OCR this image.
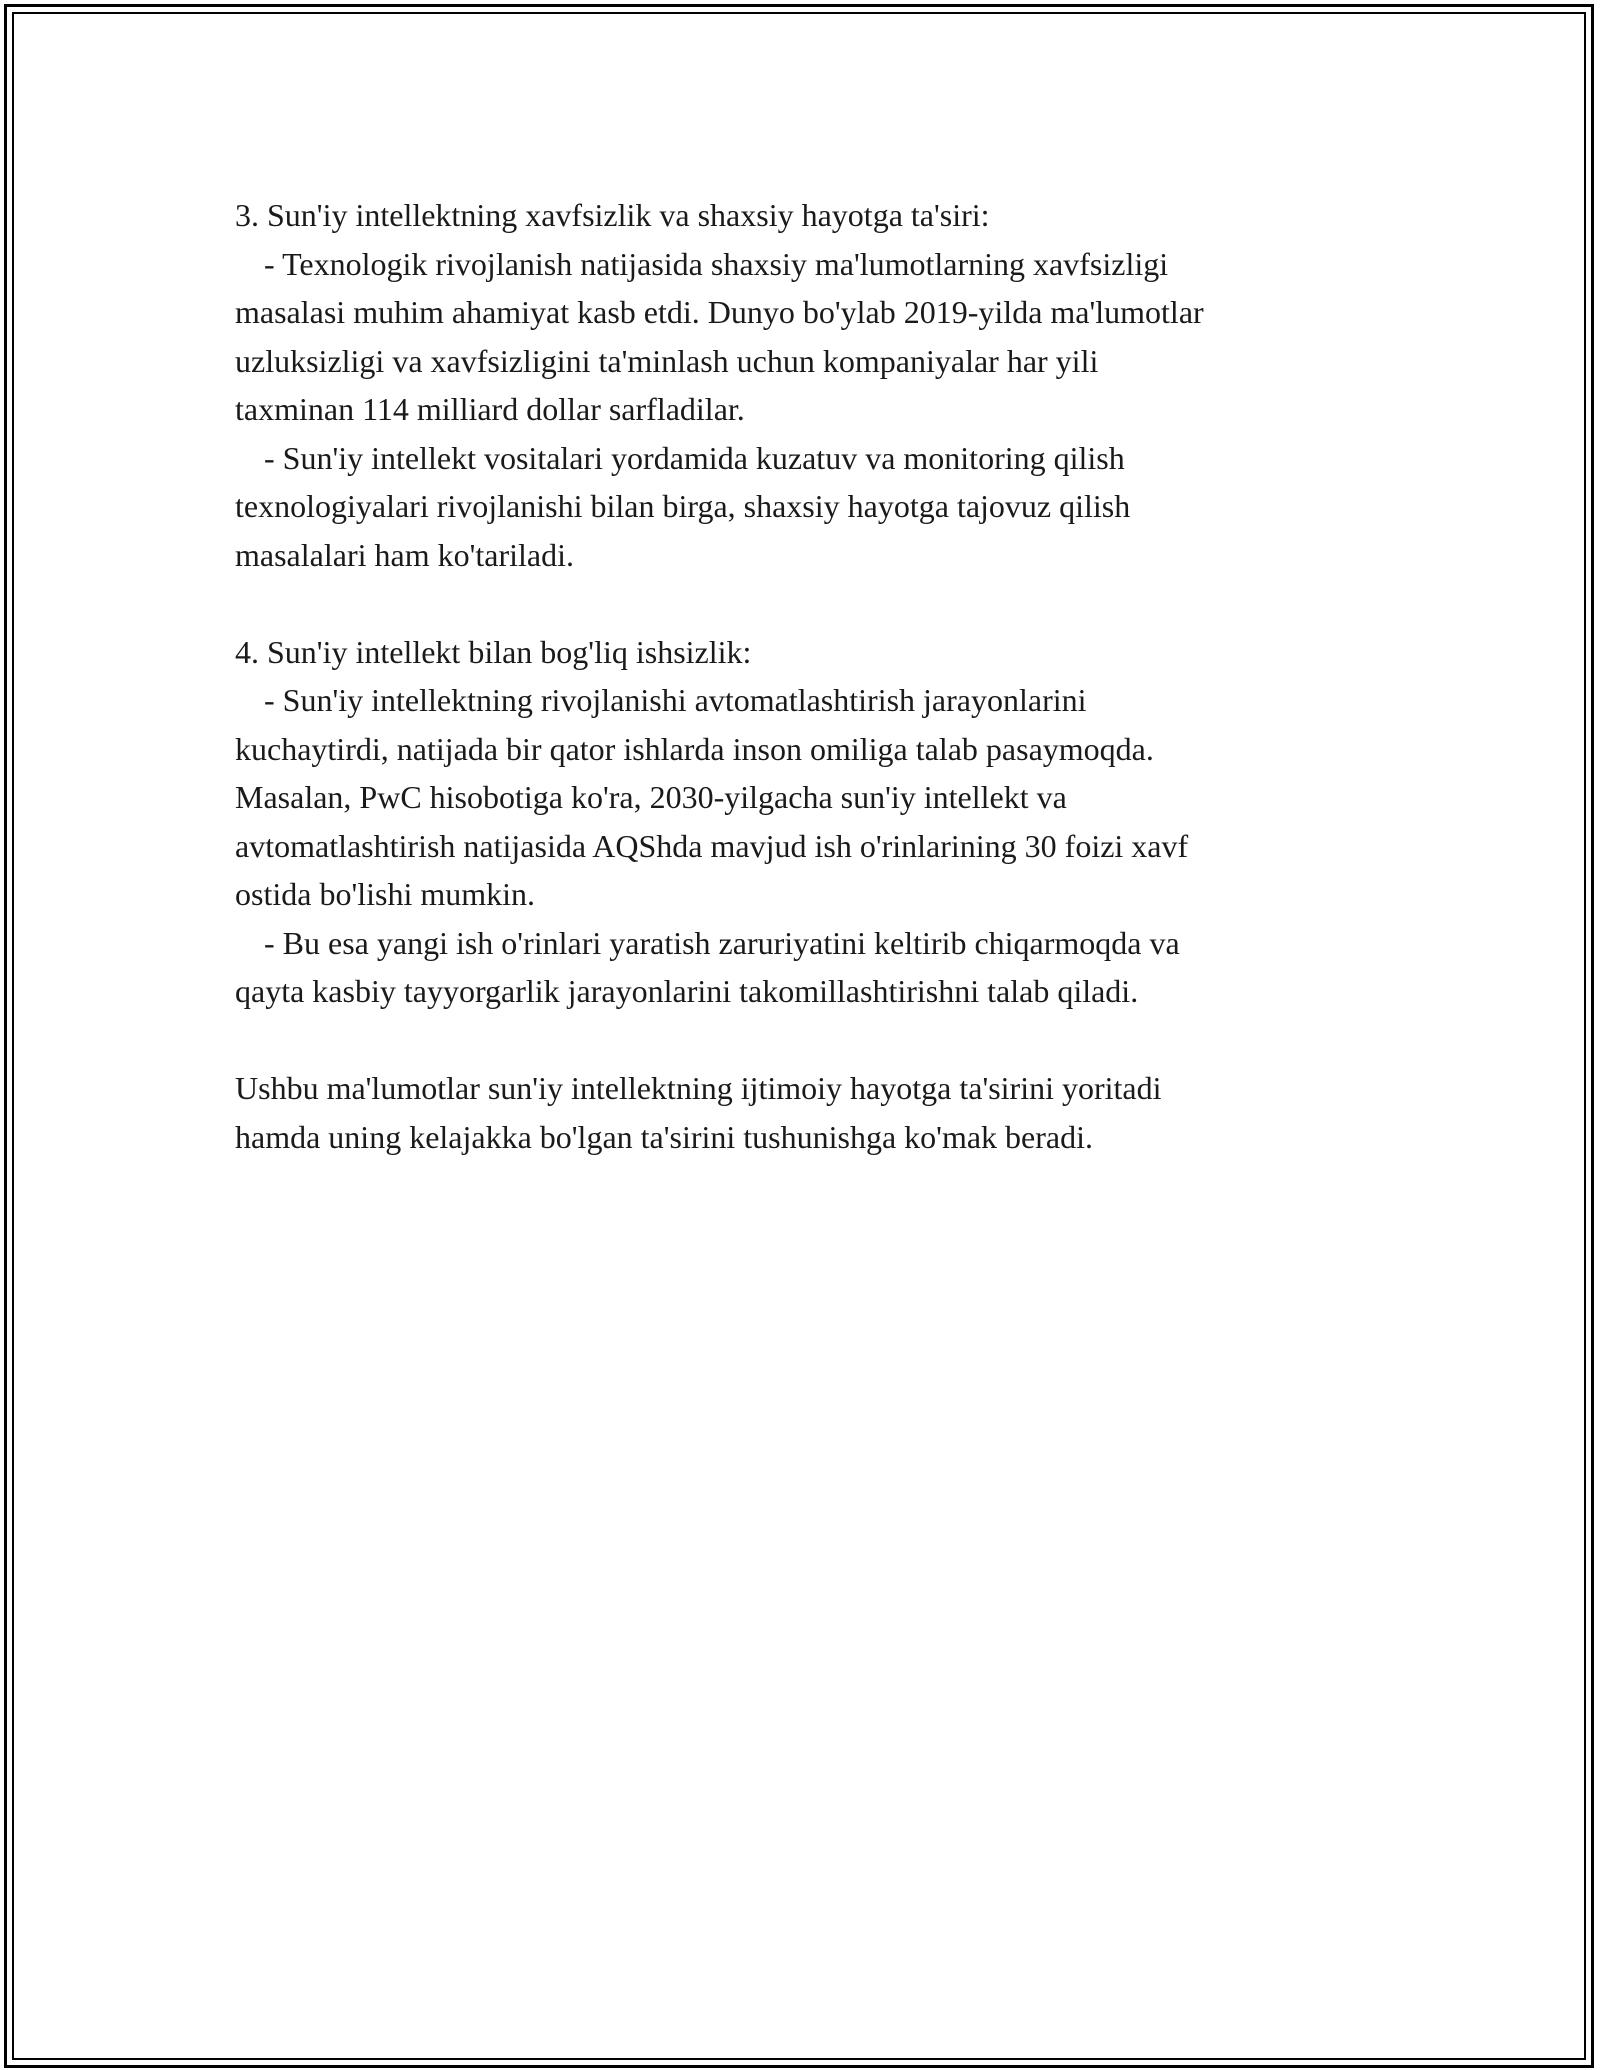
3. Sun'iy intellektning xavfsizlik va shaxsiy hayotga ta'siri:

- Texnologik rivojlanish natijasida shaxsiy ma'lumotlarning xavfsizligi

masalasi muhim ahamiyat kasb etdi. Dunyo bo'ylab 2019-yilda ma'lumotlar

uzluksizligi va xavfsizligini ta'minlash uchun kompaniyalar har yili

taxminan 114 milliard dollar sarfladilar.

- Sun'iy intellekt vositalari yordamida kuzatuv va monitoring qilish

texnologiyalari rivojlanishi bilan birga, shaxsiy hayotga tajovuz qilish

masalalari ham ko'tariladi.

4. Sun'iy intellekt bilan bog'liq ishsizlik:

- Sun'iy intellektning rivojlanishi avtomatlashtirish jarayonlarini

kuchaytirdi, natijada bir qator ishlarda inson omiliga talab pasaymoqda.

Masalan, PwC hisobotiga ko'ra, 2030-yilgacha sun'iy intellekt va

avtomatlashtirish natijasida AQShda mavjud ish o'rinlarining 30 foizi xavf

ostida bo'lishi mumkin.

- Bu esa yangi ish o'rinlari yaratish zaruriyatini keltirib chiqarmoqda va

qayta kasbiy tayyorgarlik jarayonlarini takomillashtirishni talab qiladi.

Ushbu ma'lumotlar sun'iy intellektning ijtimoiy hayotga ta'sirini yoritadi

hamda uning kelajakka bo'lgan ta'sirini tushunishga ko'mak beradi.
